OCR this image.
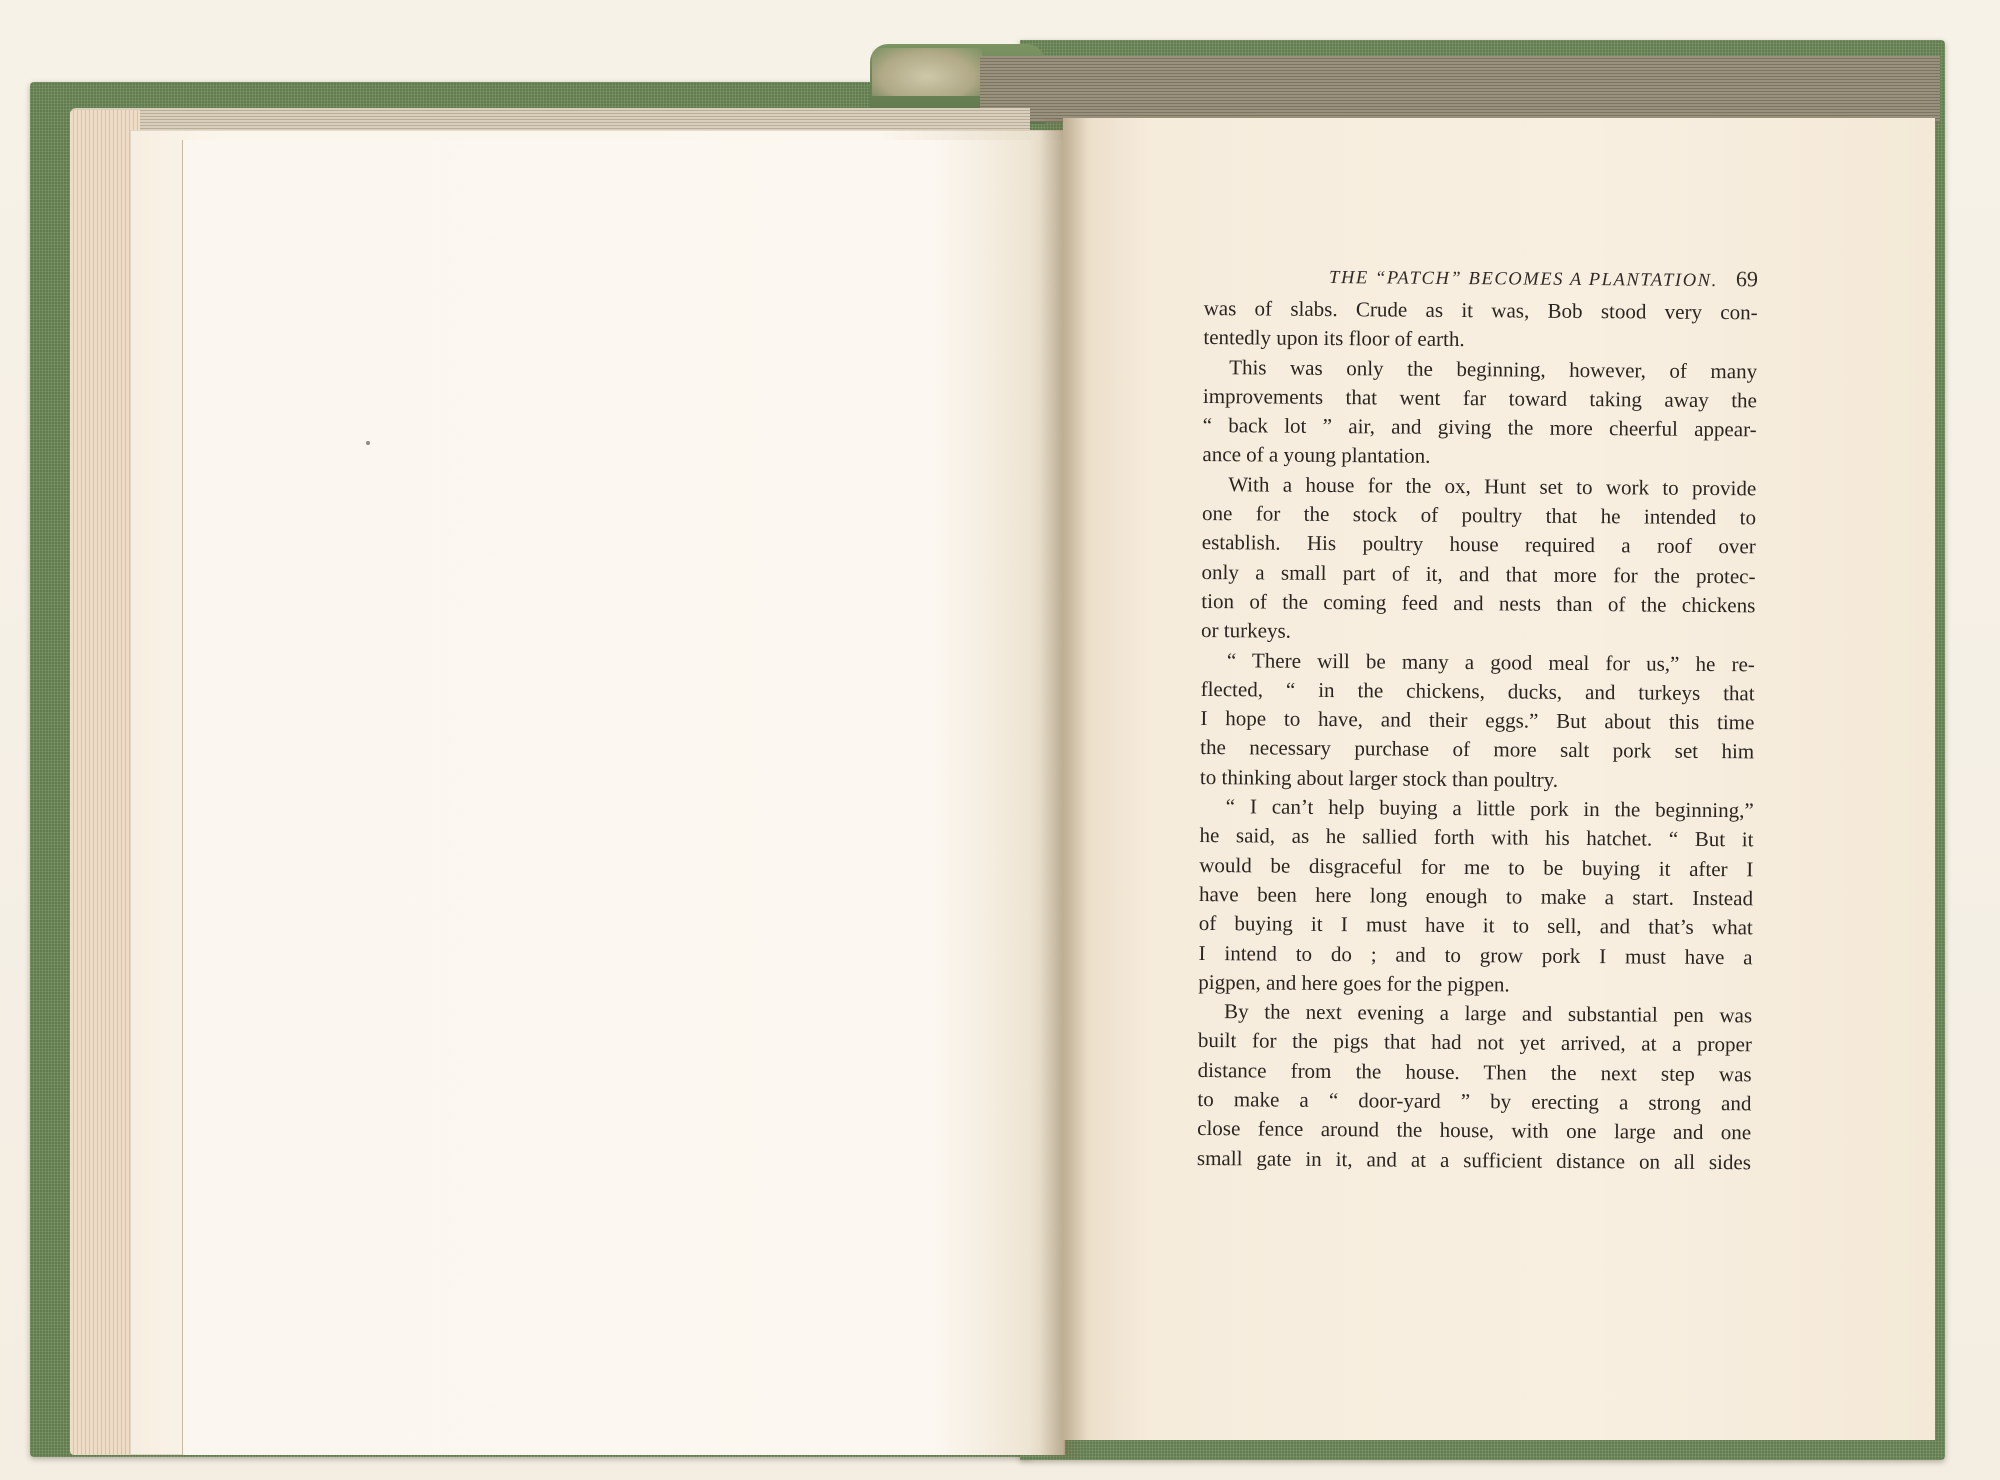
THE “PATCH” BECOMES A PLANTATION. 69
was of slabs. Crude as it was, Bob stood very con-
tentedly upon its floor of earth.
This was only the beginning, however, of many
improvements that went far toward taking away the
“ back lot ” air, and giving the more cheerful appear-
ance of a young plantation.
With a house for the ox, Hunt set to work to provide
one for the stock of poultry that he intended to
establish. His poultry house required a roof over
only a small part of it, and that more for the protec-
tion of the coming feed and nests than of the chickens
or turkeys.
“ There will be many a good meal for us,” he re-
flected, “ in the chickens, ducks, and turkeys that
I hope to have, and their eggs.” But about this time
the necessary purchase of more salt pork set him
to thinking about larger stock than poultry.
“ I can’t help buying a little pork in the beginning,”
he said, as he sallied forth with his hatchet. “ But it
would be disgraceful for me to be buying it after I
have been here long enough to make a start. Instead
of buying it I must have it to sell, and that’s what
I intend to do ; and to grow pork I must have a
pigpen, and here goes for the pigpen.
By the next evening a large and substantial pen was
built for the pigs that had not yet arrived, at a proper
distance from the house. Then the next step was
to make a “ door-yard ” by erecting a strong and
close fence around the house, with one large and one
small gate in it, and at a sufficient distance on all sides
